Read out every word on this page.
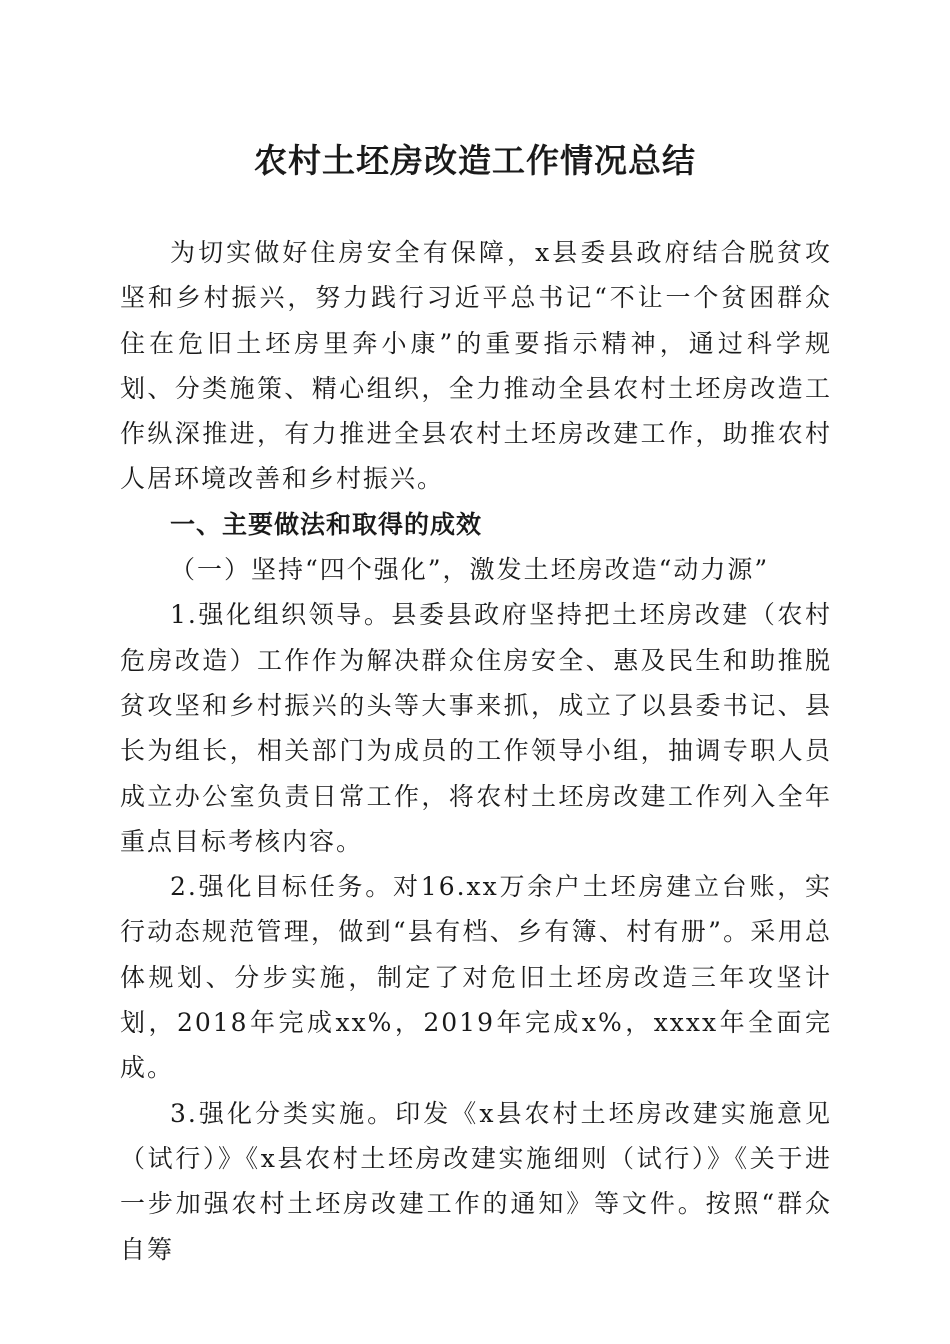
农村土坯房改造工作情况总结

为切实做好住房安全有保障，x县委县政府结合脱贫攻坚和乡村振兴，努力践行习近平总书记“不让一个贫困群众住在危旧土坯房里奔小康”的重要指示精神，通过科学规划、分类施策、精心组织，全力推动全县农村土坯房改造工作纵深推进，有力推进全县农村土坯房改建工作，助推农村人居环境改善和乡村振兴。

一、主要做法和取得的成效

（一）坚持“四个强化”，激发土坯房改造“动力源”

1.强化组织领导。县委县政府坚持把土坯房改建（农村危房改造）工作作为解决群众住房安全、惠及民生和助推脱贫攻坚和乡村振兴的头等大事来抓，成立了以县委书记、县长为组长，相关部门为成员的工作领导小组，抽调专职人员成立办公室负责日常工作，将农村土坯房改建工作列入全年重点目标考核内容。

2.强化目标任务。对16.xx万余户土坯房建立台账，实行动态规范管理，做到“县有档、乡有簿、村有册”。采用总体规划、分步实施，制定了对危旧土坯房改造三年攻坚计划，2018年完成xx%，2019年完成x%，xxxx年全面完成。

3.强化分类实施。印发《x县农村土坯房改建实施意见（试行）》《x县农村土坯房改建实施细则（试行）》《关于进一步加强农村土坯房改建工作的通知》等文件。按照“群众自筹
